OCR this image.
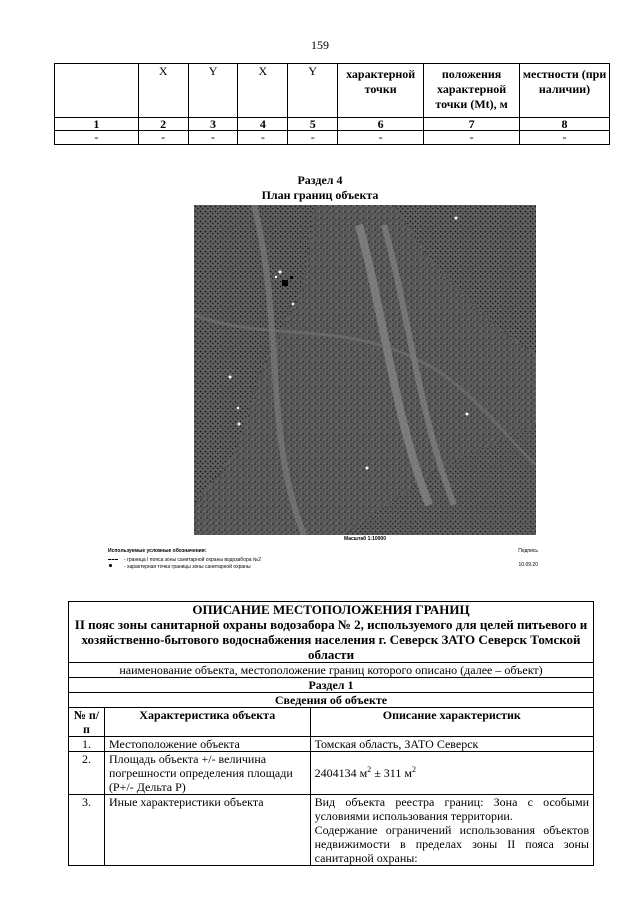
159
	X	Y	X	Y	характерной точки	положения характерной точки (Mt), м	местности (при наличии)
1	2	3	4	5	6	7	8
-	-	-	-	-	-	-	-
Раздел 4
План границ объекта
Масштаб 1:10000
Используемые условные обозначения:
- граница I пояса зоны санитарной охраны водозабора №2
- характерная точка границы зоны санитарной охраны
Подпись
10.09.20
ОПИСАНИЕ МЕСТОПОЛОЖЕНИЯ ГРАНИЦ
II пояс зоны санитарной охраны водозабора № 2, используемого для целей питьевого и хозяйственно-бытового водоснабжения населения г. Северск ЗАТО Северск Томской области		

наименование объекта, местоположение границ которого описано (далее – объект)		
Раздел 1		
Сведения об объекте		
№ п/п	Характеристика объекта	Описание характеристик
1.	Местоположение объекта	Томская область, ЗАТО Северск
2.	Площадь объекта +/- величина погрешности определения площади (Р+/- Дельта Р)	2404134 $м^2 \pm 311$ $м^2$
3.	Иные характеристики объекта	Вид объекта реестра границ: Зона с особыми условиями использования территории.
Содержание ограничений использования объектов недвижимости в пределах зоны II пояса зоны санитарной охраны:
